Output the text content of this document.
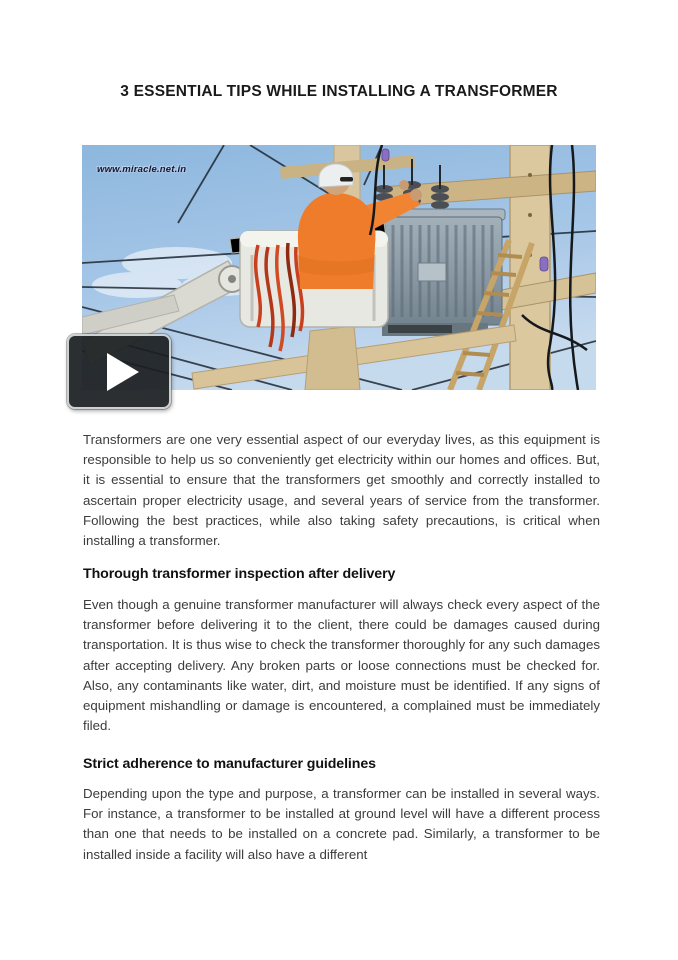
3 ESSENTIAL TIPS WHILE INSTALLING A TRANSFORMER
www.miracle.net.in

Transformers are one very essential aspect of our everyday lives, as this equipment is responsible to help us so conveniently get electricity within our homes and offices. But, it is essential to ensure that the transformers get smoothly and correctly installed to ascertain proper electricity usage, and several years of service from the transformer. Following the best practices, while also taking safety precautions, is critical when installing a transformer.

Thorough transformer inspection after delivery

Even though a genuine transformer manufacturer will always check every aspect of the transformer before delivering it to the client, there could be damages caused during transportation. It is thus wise to check the transformer thoroughly for any such damages after accepting delivery. Any broken parts or loose connections must be checked for. Also, any contaminants like water, dirt, and moisture must be identified. If any signs of equipment mishandling or damage is encountered, a complained must be immediately filed.

Strict adherence to manufacturer guidelines

Depending upon the type and purpose, a transformer can be installed in several ways. For instance, a transformer to be installed at ground level will have a different process than one that needs to be installed on a concrete pad. Similarly, a transformer to be installed inside a facility will also have a different
